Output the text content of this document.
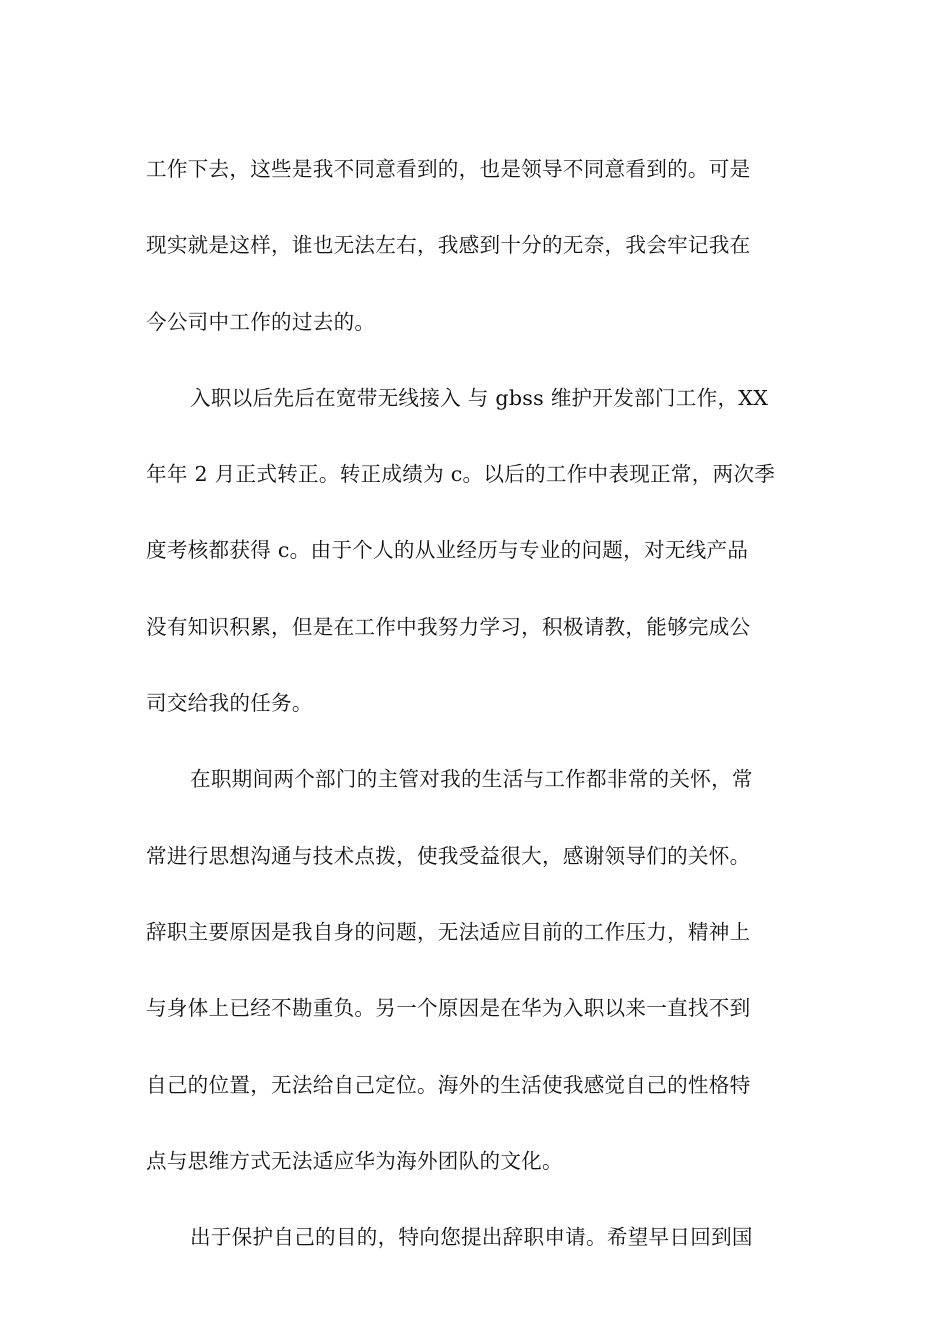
工作下去，这些是我不同意看到的，也是领导不同意看到的。可是
现实就是这样，谁也无法左右，我感到十分的无奈，我会牢记我在
今公司中工作的过去的。
入职以后先后在宽带无线接入 与 gbss 维护开发部门工作，XX
年年 2 月正式转正。转正成绩为 c。以后的工作中表现正常，两次季
度考核都获得 c。由于个人的从业经历与专业的问题，对无线产品
没有知识积累，但是在工作中我努力学习，积极请教，能够完成公
司交给我的任务。
在职期间两个部门的主管对我的生活与工作都非常的关怀，常
常进行思想沟通与技术点拨，使我受益很大，感谢领导们的关怀。
辞职主要原因是我自身的问题，无法适应目前的工作压力，精神上
与身体上已经不勘重负。另一个原因是在华为入职以来一直找不到
自己的位置，无法给自己定位。海外的生活使我感觉自己的性格特
点与思维方式无法适应华为海外团队的文化。
出于保护自己的目的，特向您提出辞职申请。希望早日回到国
